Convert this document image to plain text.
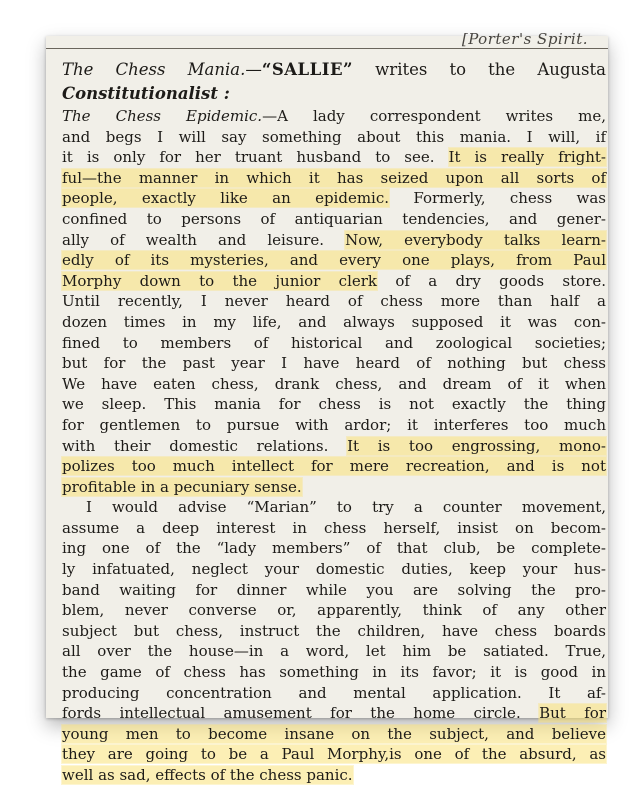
[Porter's Spirit.
The Chess Mania.—“SALLIE” writes to the Augusta
Constitutionalist :
The Chess Epidemic.—A lady correspondent writes me,
and begs I will say something about this mania. I will, if
it is only for her truant husband to see. It is really fright-
ful—the manner in which it has seized upon all sorts of
people, exactly like an epidemic. Formerly, chess was
confined to persons of antiquarian tendencies, and gener-
ally of wealth and leisure. Now, everybody talks learn-
edly of its mysteries, and every one plays, from Paul
Morphy down to the junior clerk of a dry goods store.
Until recently, I never heard of chess more than half a
dozen times in my life, and always supposed it was con-
fined to members of historical and zoological societies;
but for the past year I have heard of nothing but chess
We have eaten chess, drank chess, and dream of it when
we sleep. This mania for chess is not exactly the thing
for gentlemen to pursue with ardor; it interferes too much
with their domestic relations. It is too engrossing, mono-
polizes too much intellect for mere recreation, and is not
profitable in a pecuniary sense.
I would advise “Marian” to try a counter movement,
assume a deep interest in chess herself, insist on becom-
ing one of the “lady members” of that club, be complete-
ly infatuated, neglect your domestic duties, keep your hus-
band waiting for dinner while you are solving the pro-
blem, never converse or, apparently, think of any other
subject but chess, instruct the children, have chess boards
all over the house—in a word, let him be satiated. True,
the game of chess has something in its favor; it is good in
producing concentration and mental application. It af-
fords intellectual amusement for the home circle. But for
young men to become insane on the subject, and believe
they are going to be a Paul Morphy,is one of the absurd, as
well as sad, effects of the chess panic.
